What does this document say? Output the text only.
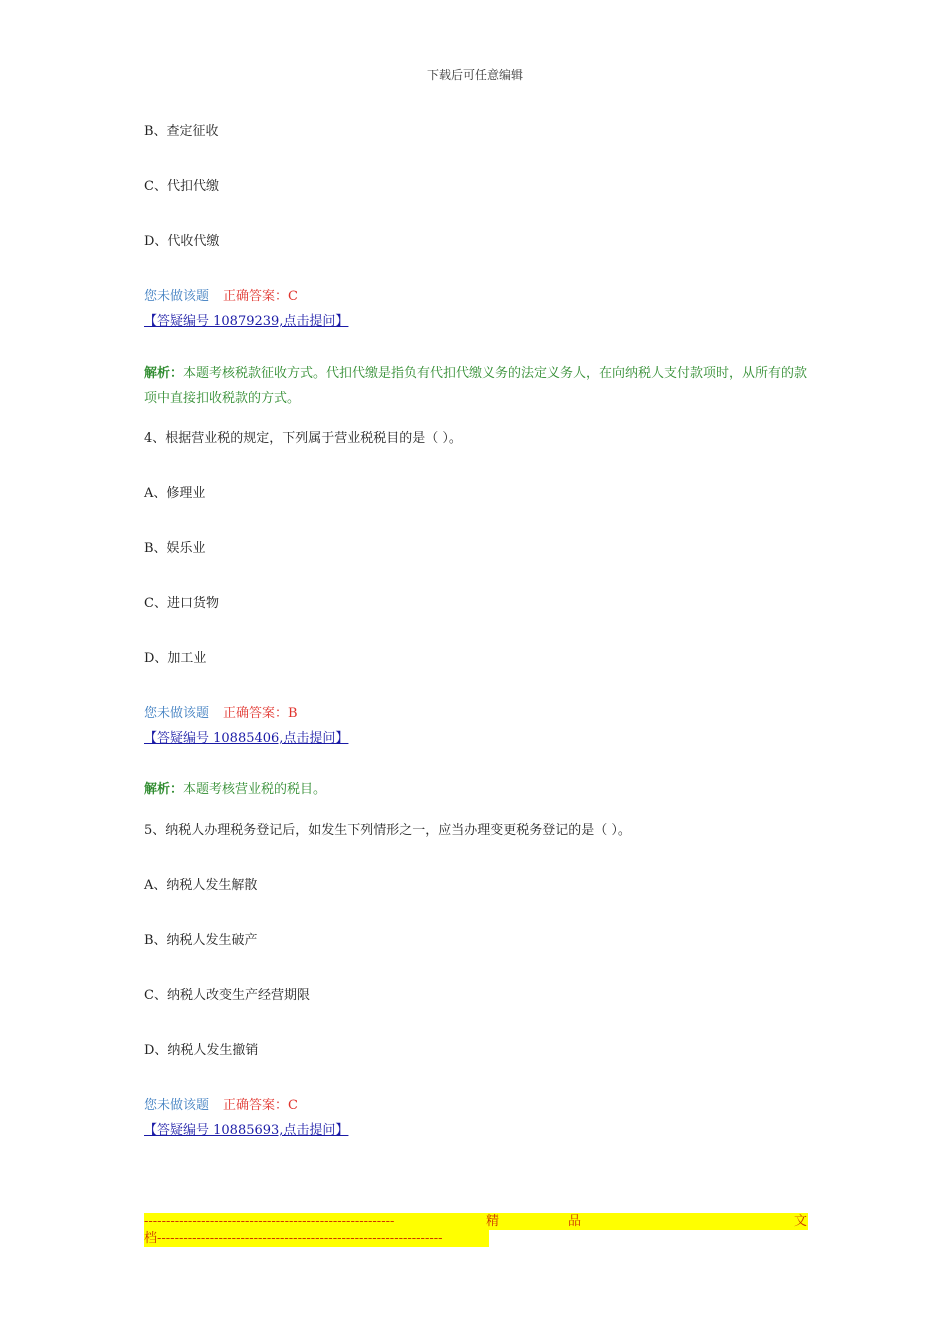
下载后可任意编辑
B、查定征收
C、代扣代缴
D、代收代缴
您未做该题 正确答案：C
【答疑编号 10879239,点击提问】
解析：本题考核税款征收方式。代扣代缴是指负有代扣代缴义务的法定义务人，在向纳税人支付款项时，从所有的款项中直接扣收税款的方式。
4、根据营业税的规定，下列属于营业税税目的是（ ）。
A、修理业
B、娱乐业
C、进口货物
D、加工业
您未做该题 正确答案：B
【答疑编号 10885406,点击提问】
解析：本题考核营业税的税目。
5、纳税人办理税务登记后，如发生下列情形之一，应当办理变更税务登记的是（ ）。
A、纳税人发生解散
B、纳税人发生破产
C、纳税人改变生产经营期限
D、纳税人发生撤销
您未做该题 正确答案：C
【答疑编号 10885693,点击提问】
---------------------------------------------------------	精	品	文
档-----------------------------------------------------------------
